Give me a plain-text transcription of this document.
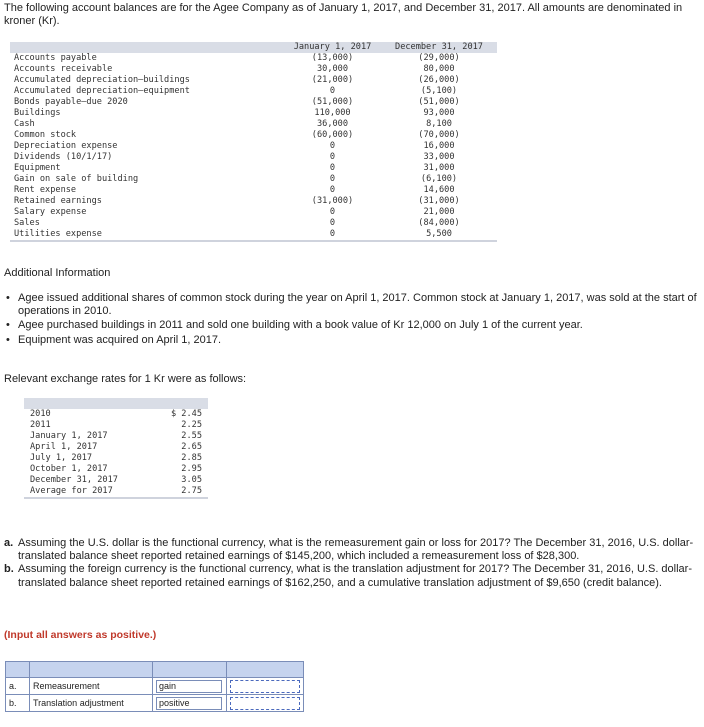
The following account balances are for the Agee Company as of January 1, 2017, and December 31, 2017. All amounts are denominated in kroner (Kr).
January 1, 2017	December 31, 2017
Accounts payable	(13,000)	(29,000)
Accounts receivable	30,000	80,000
Accumulated depreciation—buildings	(21,000)	(26,000)
Accumulated depreciation—equipment	0	(5,100)
Bonds payable—due 2020	(51,000)	(51,000)
Buildings	110,000	93,000
Cash	36,000	8,100
Common stock	(60,000)	(70,000)
Depreciation expense	0	16,000
Dividends (10/1/17)	0	33,000
Equipment	0	31,000
Gain on sale of building	0	(6,100)
Rent expense	0	14,600
Retained earnings	(31,000)	(31,000)
Salary expense	0	21,000
Sales	0	(84,000)
Utilities expense	0	5,500
Additional Information
• Agee issued additional shares of common stock during the year on April 1, 2017. Common stock at January 1, 2017, was sold at the start of operations in 2010.
• Agee purchased buildings in 2011 and sold one building with a book value of Kr 12,000 on July 1 of the current year.
• Equipment was acquired on April 1, 2017.
Relevant exchange rates for 1 Kr were as follows:
2010	$ 2.45
2011	2.25
January 1, 2017	2.55
April 1, 2017	2.65
July 1, 2017	2.85
October 1, 2017	2.95
December 31, 2017	3.05
Average for 2017	2.75
a. Assuming the U.S. dollar is the functional currency, what is the remeasurement gain or loss for 2017? The December 31, 2016, U.S. dollar-translated balance sheet reported retained earnings of $145,200, which included a remeasurement loss of $28,300.
b. Assuming the foreign currency is the functional currency, what is the translation adjustment for 2017? The December 31, 2016, U.S. dollar-translated balance sheet reported retained earnings of $162,250, and a cumulative translation adjustment of $9,650 (credit balance).
(Input all answers as positive.)

a.	Remeasurement	gain	
b.	Translation adjustment	positive	
